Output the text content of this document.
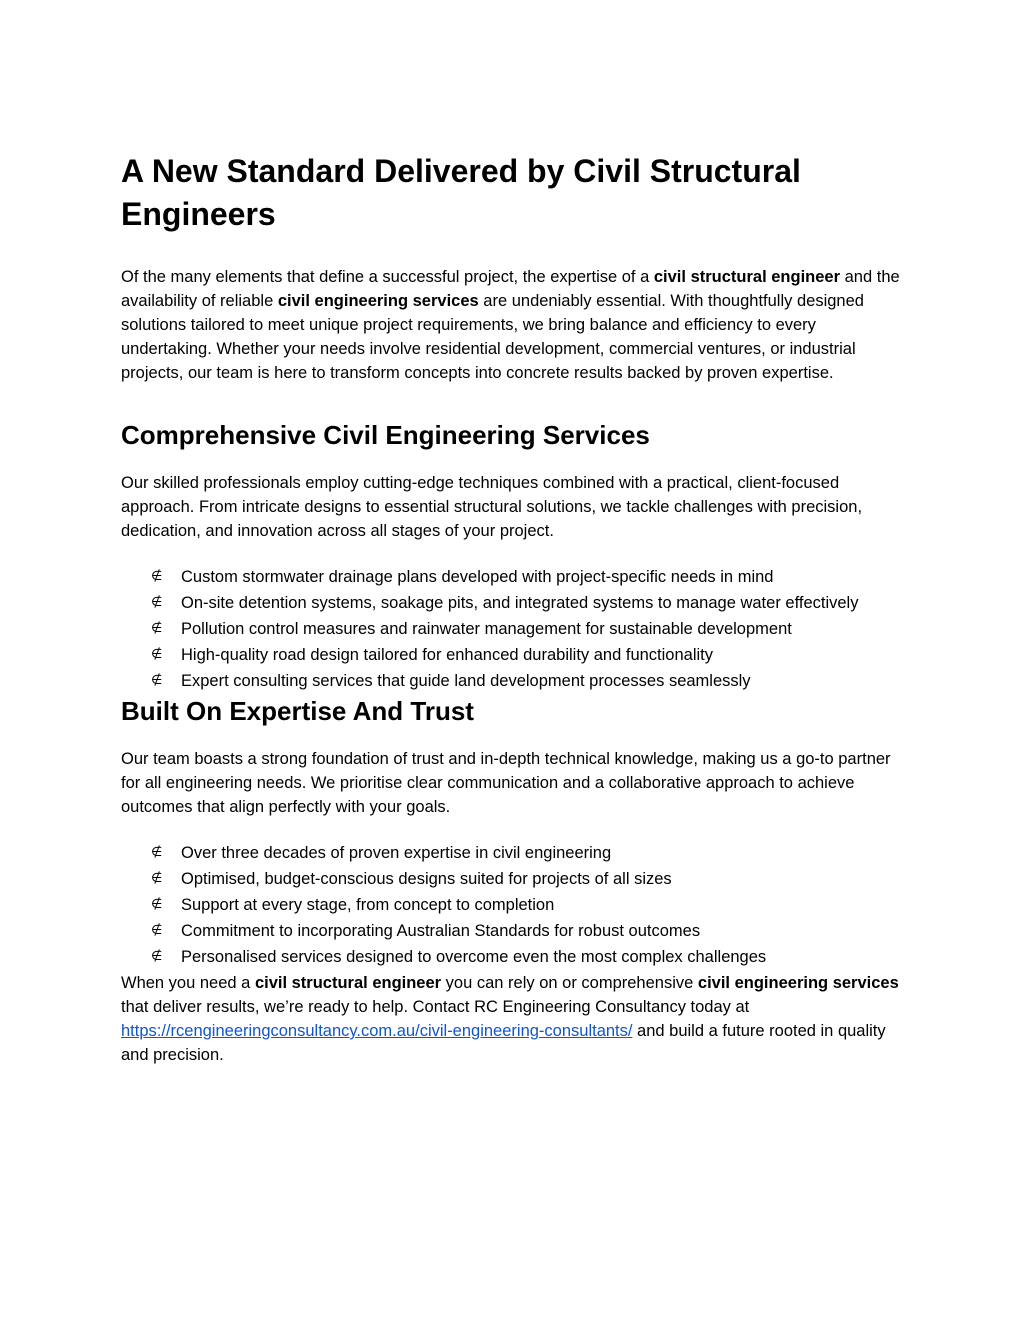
A New Standard Delivered by Civil Structural Engineers

Of the many elements that define a successful project, the expertise of a civil structural engineer and the availability of reliable civil engineering services are undeniably essential. With thoughtfully designed solutions tailored to meet unique project requirements, we bring balance and efficiency to every undertaking. Whether your needs involve residential development, commercial ventures, or industrial projects, our team is here to transform concepts into concrete results backed by proven expertise.

Comprehensive Civil Engineering Services

Our skilled professionals employ cutting-edge techniques combined with a practical, client-focused approach. From intricate designs to essential structural solutions, we tackle challenges with precision, dedication, and innovation across all stages of your project.

∉ Custom stormwater drainage plans developed with project-specific needs in mind
∉ On-site detention systems, soakage pits, and integrated systems to manage water effectively
∉ Pollution control measures and rainwater management for sustainable development
∉ High-quality road design tailored for enhanced durability and functionality
∉ Expert consulting services that guide land development processes seamlessly
Built On Expertise And Trust

Our team boasts a strong foundation of trust and in-depth technical knowledge, making us a go-to partner for all engineering needs. We prioritise clear communication and a collaborative approach to achieve outcomes that align perfectly with your goals.

∉ Over three decades of proven expertise in civil engineering
∉ Optimised, budget-conscious designs suited for projects of all sizes
∉ Support at every stage, from concept to completion
∉ Commitment to incorporating Australian Standards for robust outcomes
∉ Personalised services designed to overcome even the most complex challenges

When you need a civil structural engineer you can rely on or comprehensive civil engineering services that deliver results, we’re ready to help. Contact RC Engineering Consultancy today at https://rcengineeringconsultancy.com.au/civil-engineering-consultants/ and build a future rooted in quality and precision.
